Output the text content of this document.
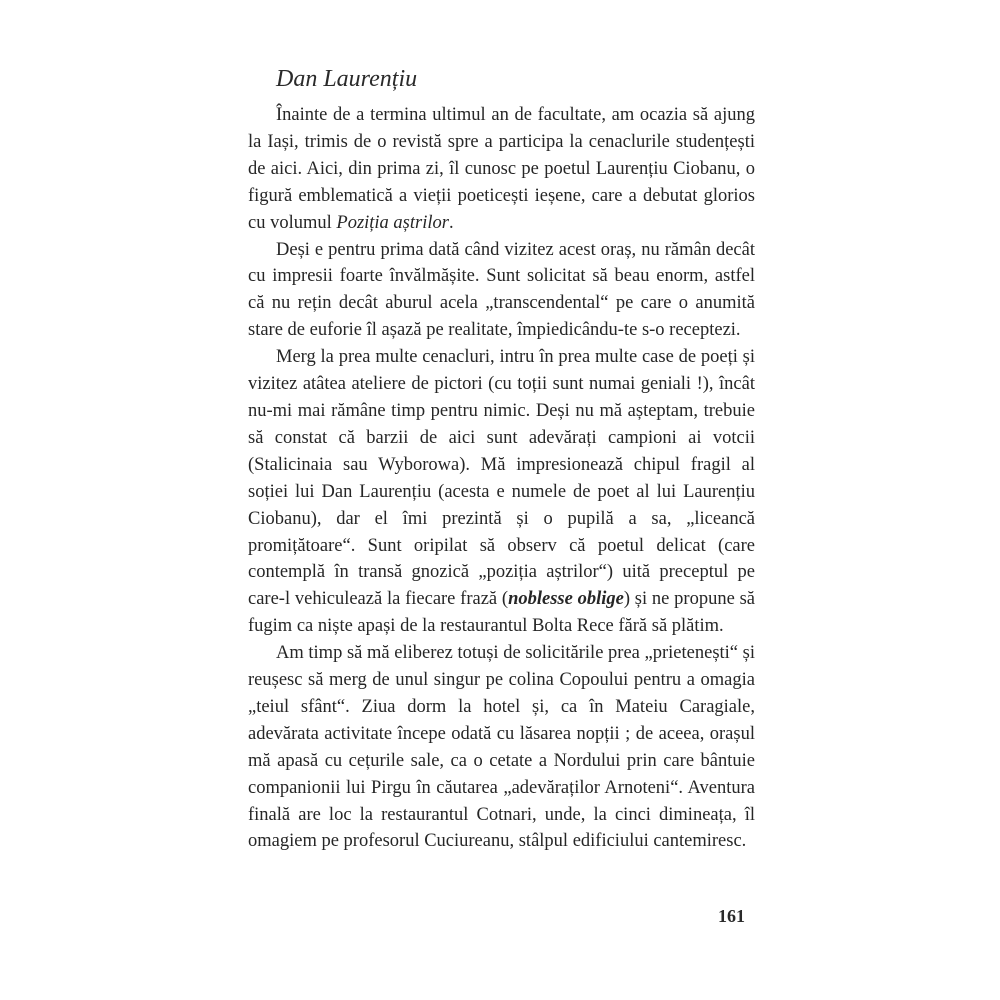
Dan Laurențiu

Înainte de a termina ultimul an de facultate, am ocazia să ajung la Iași, trimis de o revistă spre a participa la cenaclurile studențești de aici. Aici, din prima zi, îl cunosc pe poetul Laurențiu Ciobanu, o figură emblematică a vieții poeticești ieșene, care a debutat glorios cu volumul Poziția aștrilor.

Deși e pentru prima dată când vizitez acest oraș, nu rămân decât cu impresii foarte învălmășite. Sunt solicitat să beau enorm, astfel că nu rețin decât aburul acela „transcendental“ pe care o anumită stare de euforie îl așază pe realitate, împiedicându-te s-o receptezi.

Merg la prea multe cenacluri, intru în prea multe case de poeți și vizitez atâtea ateliere de pictori (cu toții sunt numai geniali !), încât nu-mi mai rămâne timp pentru nimic. Deși nu mă așteptam, trebuie să constat că barzii de aici sunt adevărați campioni ai votcii (Stalicinaia sau Wyborowa). Mă impresionează chipul fragil al soției lui Dan Laurențiu (acesta e numele de poet al lui Laurențiu Ciobanu), dar el îmi prezintă și o pupilă a sa, „liceancă promițătoare“. Sunt oripilat să observ că poetul delicat (care contemplă în transă gnozică „poziția aștrilor“) uită preceptul pe care-l vehiculează la fiecare frază (noblesse oblige) și ne propune să fugim ca niște apași de la restaurantul Bolta Rece fără să plătim.

Am timp să mă eliberez totuși de solicitările prea „prietenești“ și reușesc să merg de unul singur pe colina Copoului pentru a omagia „teiul sfânt“. Ziua dorm la hotel și, ca în Mateiu Caragiale, adevărata activitate începe odată cu lăsarea nopții ; de aceea, orașul mă apasă cu cețurile sale, ca o cetate a Nordului prin care bântuie companionii lui Pirgu în căutarea „adevăraților Arnoteni“. Aventura finală are loc la restaurantul Cotnari, unde, la cinci dimineața, îl omagiem pe profesorul Cuciureanu, stâlpul edificiului cantemiresc.

161
